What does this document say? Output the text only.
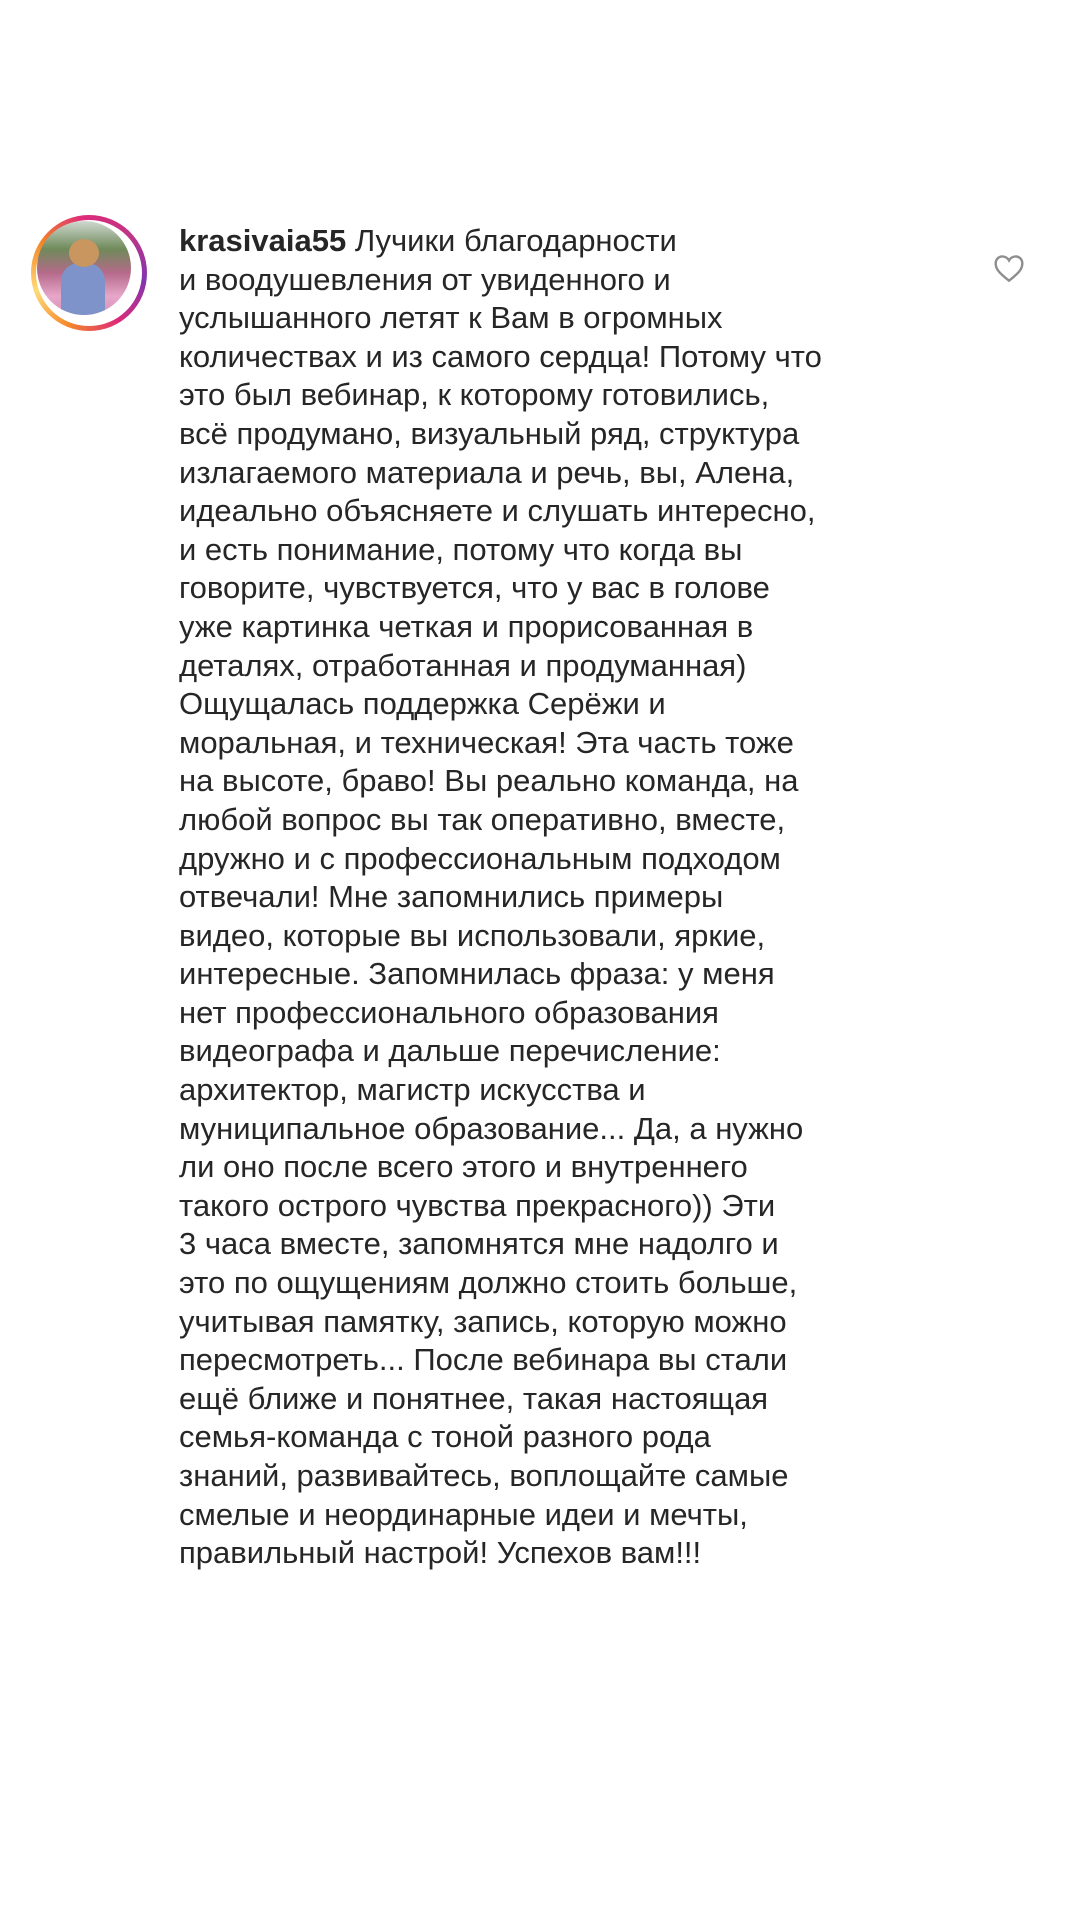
krasivaia55 Лучики благодарности
и воодушевления от увиденного и
услышанного летят к Вам в огромных
количествах и из самого сердца! Потому что
это был вебинар, к которому готовились,
всё продумано, визуальный ряд, структура
излагаемого материала и речь, вы, Алена,
идеально объясняете и слушать интересно,
и есть понимание, потому что когда вы
говорите, чувствуется, что у вас в голове
уже картинка четкая и прорисованная в
деталях, отработанная и продуманная)
Ощущалась поддержка Серёжи и
моральная, и техническая! Эта часть тоже
на высоте, браво! Вы реально команда, на
любой вопрос вы так оперативно, вместе,
дружно и с профессиональным подходом
отвечали! Мне запомнились примеры
видео, которые вы использовали, яркие,
интересные. Запомнилась фраза: у меня
нет профессионального образования
видеографа и дальше перечисление:
архитектор, магистр искусства и
муниципальное образование... Да, а нужно
ли оно после всего этого и внутреннего
такого острого чувства прекрасного)) Эти
3 часа вместе, запомнятся мне надолго и
это по ощущениям должно стоить больше,
учитывая памятку, запись, которую можно
пересмотреть... После вебинара вы стали
ещё ближе и понятнее, такая настоящая
семья-команда с тоной разного рода
знаний, развивайтесь, воплощайте самые
смелые и неординарные идеи и мечты,
правильный настрой! Успехов вам!!!
